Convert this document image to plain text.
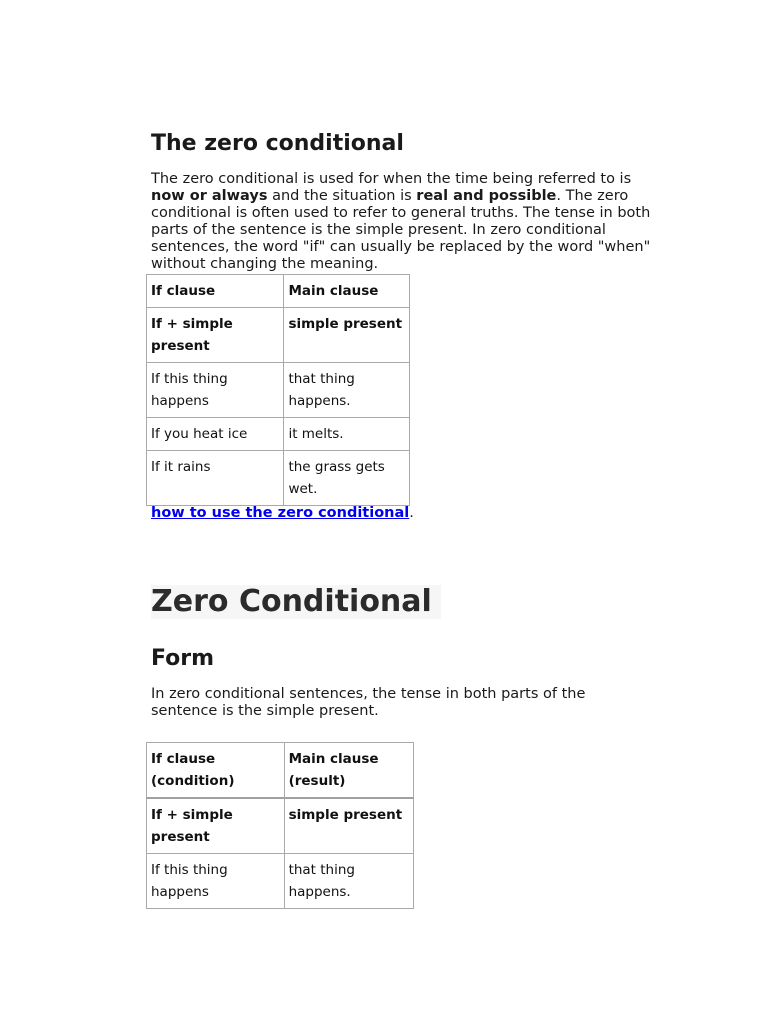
The zero conditional

The zero conditional is used for when the time being referred to is now or always and the situation is real and possible. The zero conditional is often used to refer to general truths. The tense in both parts of the sentence is the simple present. In zero conditional sentences, the word "if" can usually be replaced by the word "when" without changing the meaning.

If clause	Main clause
If + simple present	simple present
If this thing happens	that thing happens.
If you heat ice	it melts.
If it rains	the grass gets wet.
how to use the zero conditional.
Zero Conditional
Form

In zero conditional sentences, the tense in both parts of the sentence is the simple present.

If clause (condition)	Main clause (result)
If + simple present	simple present
If this thing happens	that thing happens.
